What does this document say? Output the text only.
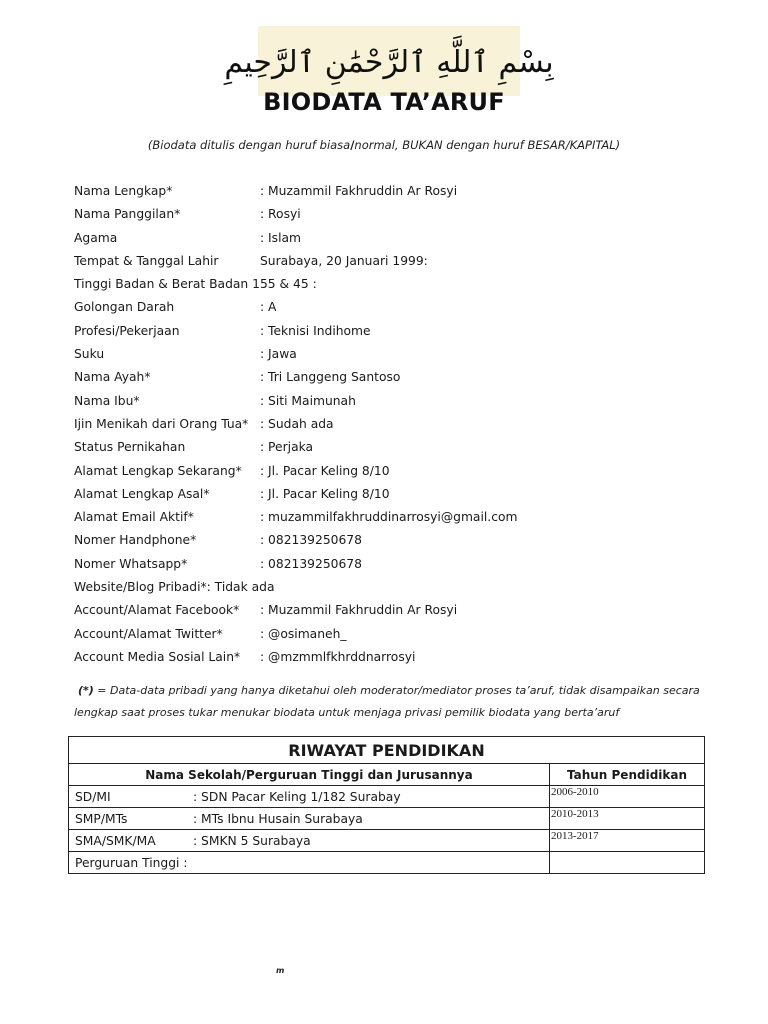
بِسْمِ ٱللَّهِ ٱلرَّحْمَٰنِ ٱلرَّحِيمِ
BIODATA TA’ARUF
(Biodata ditulis dengan huruf biasa/normal, BUKAN dengan huruf BESAR/KAPITAL)
Nama Lengkap*	: Muzammil Fakhruddin Ar Rosyi
Nama Panggilan*	: Rosyi
Agama	: Islam
Tempat & Tanggal Lahir	Surabaya, 20 Januari 1999:
Tinggi Badan & Berat Badan 155 & 45 :
Golongan Darah	: A
Profesi/Pekerjaan	: Teknisi Indihome
Suku	: Jawa
Nama Ayah*	: Tri Langgeng Santoso
Nama Ibu*	: Siti Maimunah
Ijin Menikah dari Orang Tua* : Sudah ada
Status Pernikahan	: Perjaka
Alamat Lengkap Sekarang* : Jl. Pacar Keling 8/10
Alamat Lengkap Asal*	: Jl. Pacar Keling 8/10
Alamat Email Aktif*	: muzammilfakhruddinarrosyi@gmail.com
Nomer Handphone*	: 082139250678
Nomer Whatsapp*	: 082139250678
Website/Blog Pribadi*: Tidak ada
Account/Alamat Facebook* : Muzammil Fakhruddin Ar Rosyi
Account/Alamat Twitter*	: @osimaneh_
Account Media Sosial Lain* : @mzmmlfkhrddnarrosyi
(*) = Data-data pribadi yang hanya diketahui oleh moderator/mediator proses ta’aruf, tidak disampaikan secara lengkap saat proses tukar menukar biodata untuk menjaga privasi pemilik biodata yang berta’aruf
RIWAYAT PENDIDIKAN	
Nama Sekolah/Perguruan Tinggi dan Jurusannya	Tahun Pendidikan
SD/MI : SDN Pacar Keling 1/182 Surabay	2006-2010
SMP/MTs : MTs Ibnu Husain Surabaya	2010-2013
SMA/SMK/MA : SMKN 5 Surabaya	2013-2017
Perguruan Tinggi :	
m
